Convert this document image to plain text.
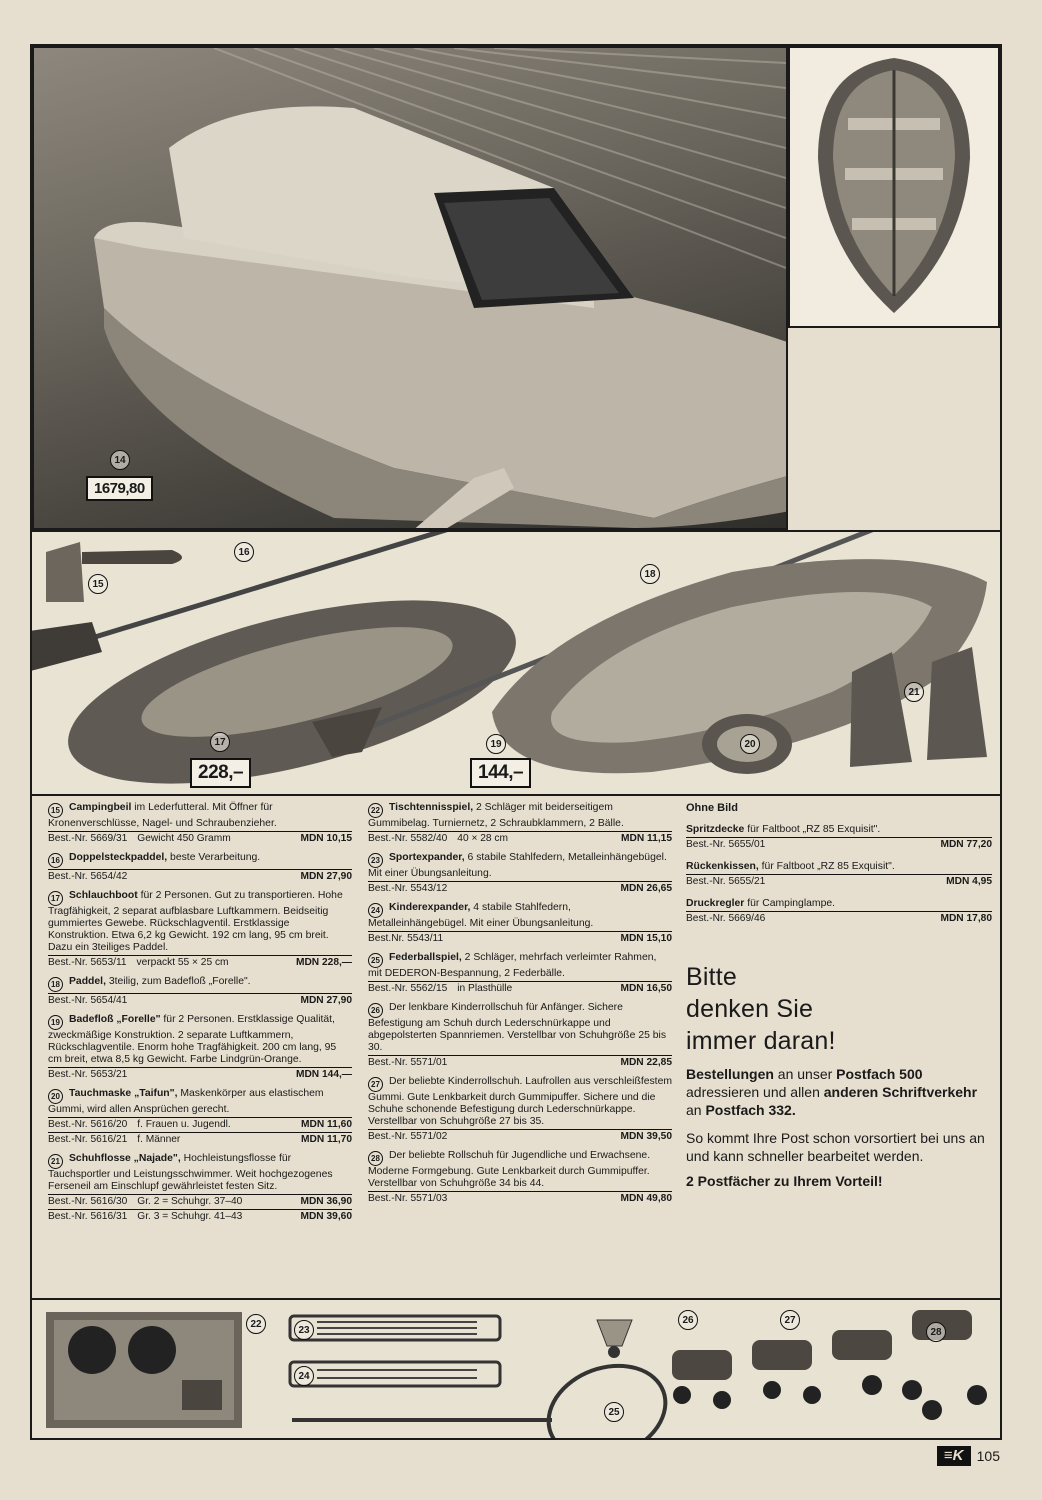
14
1679,80
15
16
17
228,–
18
19
144,–
20
21
15 Campingbeil im Lederfutteral. Mit Öffner für Kronenverschlüsse, Nagel- und Schraubenzieher.
Best.-Nr. 5669/31 Gewicht 450 Gramm	MDN 10,15
16 Doppelsteckpaddel, beste Verarbeitung.
Best.-Nr. 5654/42	MDN 27,90
17 Schlauchboot für 2 Personen. Gut zu transportieren. Hohe Tragfähigkeit, 2 separat aufblasbare Luftkammern. Beidseitig gummiertes Gewebe. Rückschlagventil. Erstklassige Konstruktion. Etwa 6,2 kg Gewicht. 192 cm lang, 95 cm breit. Dazu ein 3teiliges Paddel.
Best.-Nr. 5653/11 verpackt 55 × 25 cm	MDN 228,—
18 Paddel, 3teilig, zum Badefloß „Forelle".
Best.-Nr. 5654/41	MDN 27,90
19 Badefloß „Forelle" für 2 Personen. Erstklassige Qualität, zweckmäßige Konstruktion. 2 separate Luftkammern, Rückschlagventile. Enorm hohe Tragfähigkeit. 200 cm lang, 95 cm breit, etwa 8,5 kg Gewicht. Farbe Lindgrün-Orange.
Best.-Nr. 5653/21	MDN 144,—
20 Tauchmaske „Taifun", Maskenkörper aus elastischem Gummi, wird allen Ansprüchen gerecht.
Best.-Nr. 5616/20 f. Frauen u. Jugendl.	MDN 11,60
Best.-Nr. 5616/21 f. Männer	MDN 11,70
21 Schuhflosse „Najade", Hochleistungsflosse für Tauchsportler und Leistungsschwimmer. Weit hochgezogenes Ferseneil am Einschlupf gewährleistet festen Sitz.
Best.-Nr. 5616/30 Gr. 2 = Schuhgr. 37–40	MDN 36,90
Best.-Nr. 5616/31 Gr. 3 = Schuhgr. 41–43	MDN 39,60
22 Tischtennisspiel, 2 Schläger mit beiderseitigem Gummibelag. Turniernetz, 2 Schraubklammern, 2 Bälle.
Best.-Nr. 5582/40 40 × 28 cm	MDN 11,15
23 Sportexpander, 6 stabile Stahlfedern, Metalleinhängebügel. Mit einer Übungsanleitung.
Best.-Nr. 5543/12	MDN 26,65
24 Kinderexpander, 4 stabile Stahlfedern, Metalleinhängebügel. Mit einer Übungsanleitung.
Best.Nr. 5543/11	MDN 15,10
25 Federballspiel, 2 Schläger, mehrfach verleimter Rahmen, mit DEDERON-Bespannung, 2 Federbälle.
Best.-Nr. 5562/15 in Plasthülle	MDN 16,50
26 Der lenkbare Kinderrollschuh für Anfänger. Sichere Befestigung am Schuh durch Lederschnürkappe und abgepolsterten Spannriemen. Verstellbar von Schuhgröße 25 bis 30.
Best.-Nr. 5571/01	MDN 22,85
27 Der beliebte Kinderrollschuh. Laufrollen aus verschleißfestem Gummi. Gute Lenkbarkeit durch Gummipuffer. Sichere und die Schuhe schonende Befestigung durch Lederschnürkappe. Verstellbar von Schuhgröße 27 bis 35.
Best.-Nr. 5571/02	MDN 39,50
28 Der beliebte Rollschuh für Jugendliche und Erwachsene. Moderne Formgebung. Gute Lenkbarkeit durch Gummipuffer. Verstellbar von Schuhgröße 34 bis 44.
Best.-Nr. 5571/03	MDN 49,80
Ohne Bild
Spritzdecke für Faltboot „RZ 85 Exquisit".
Best.-Nr. 5655/01	MDN 77,20
Rückenkissen, für Faltboot „RZ 85 Exquisit".
Best.-Nr. 5655/21	MDN 4,95
Druckregler für Campinglampe.
Best.-Nr. 5669/46	MDN 17,80
Bitte
denken Sie
immer daran!
Bestellungen an unser Postfach 500 adressieren und allen anderen Schriftverkehr an Postfach 332.
So kommt Ihre Post schon vorsortiert bei uns an und kann schneller bearbeitet werden.
2 Postfächer zu Ihrem Vorteil!
22
23
24
25
26	27
28
≡K 105
